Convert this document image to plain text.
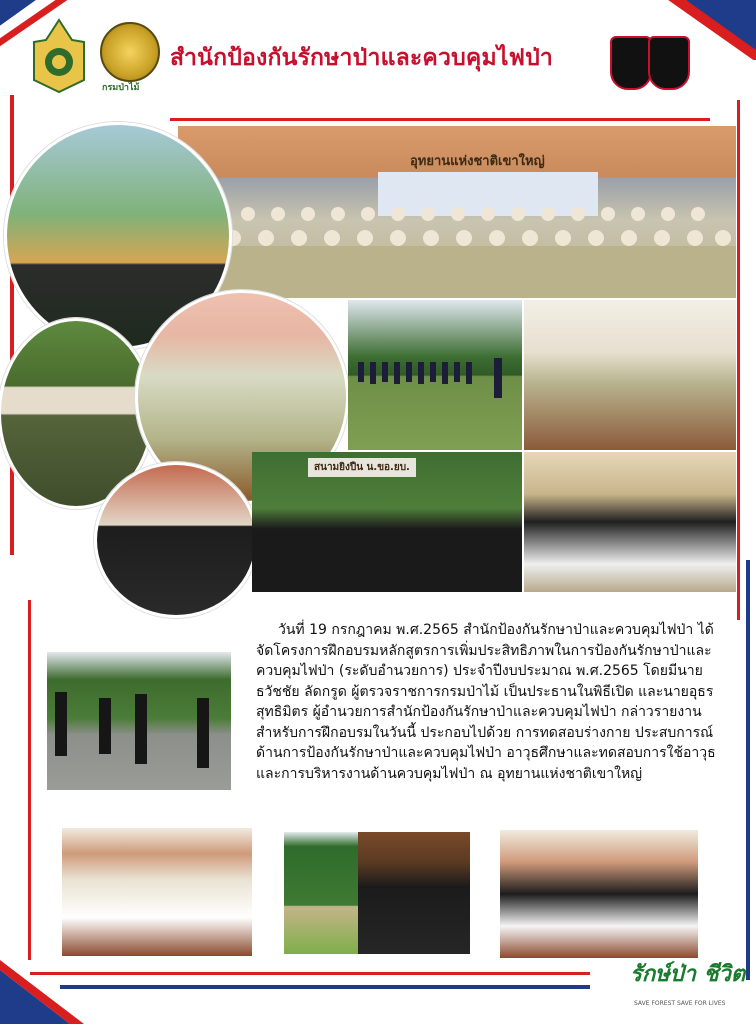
กรมป่าไม้
สำนักป้องกันรักษาป่าและควบคุมไฟป่า
อุทยานแห่งชาติเขาใหญ่
สนามยิงปืน น.ขอ.ยบ.

วันที่ 19 กรกฎาคม พ.ศ.2565 สำนักป้องกันรักษาป่าและควบคุมไฟป่า ได้จัดโครงการฝึกอบรมหลักสูตรการเพิ่มประสิทธิภาพในการป้องกันรักษาป่าและควบคุมไฟป่า (ระดับอำนวยการ) ประจำปีงบประมาณ พ.ศ.2565 โดยมีนายธวัชชัย ลัดกรูด ผู้ตรวจราชการกรมป่าไม้ เป็นประธานในพิธีเปิด และนายอุธร สุทธิมิตร ผู้อำนวยการสำนักป้องกันรักษาป่าและควบคุมไฟป่า กล่าวรายงานสำหรับการฝึกอบรมในวันนี้ ประกอบไปด้วย การทดสอบร่างกาย ประสบการณ์ด้านการป้องกันรักษาป่าและควบคุมไฟป่า อาวุธศึกษาและทดสอบการใช้อาวุธ และการบริหารงานด้านควบคุมไฟป่า ณ อุทยานแห่งชาติเขาใหญ่

รักษ์ป่า ชีวิต
SAVE FOREST SAVE FOR LIVES
